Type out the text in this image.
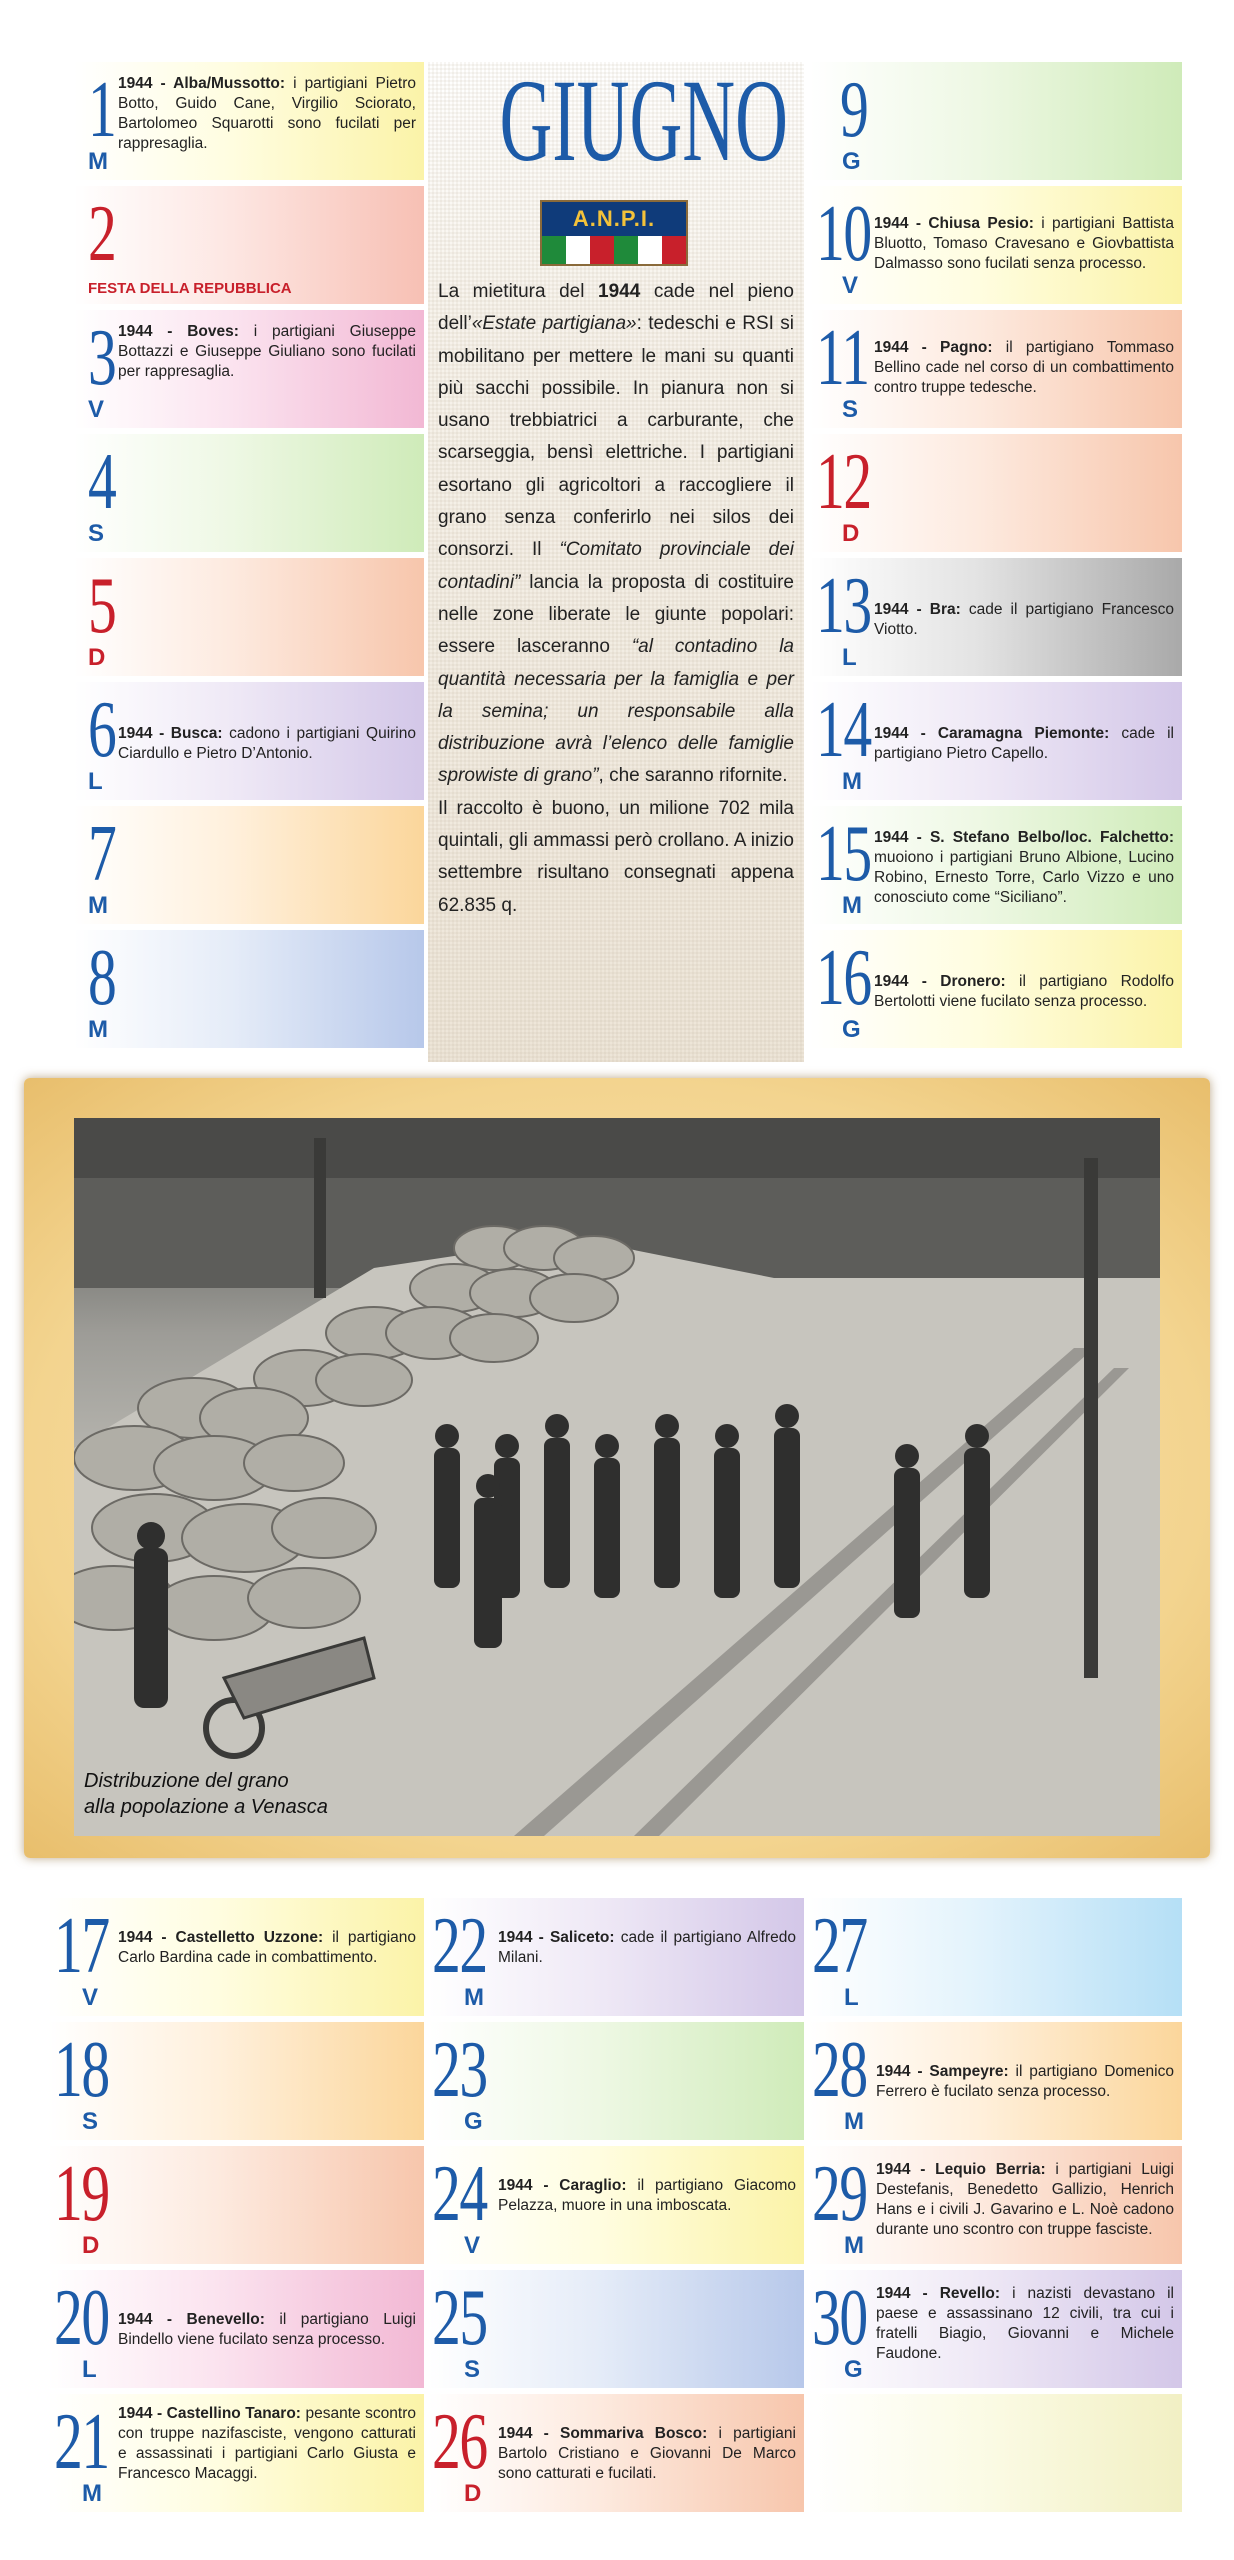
1
M
1944 - Alba/Mussotto: i partigiani Pietro Botto, Guido Cane, Virgilio Sciorato, Bartolomeo Squarotti sono fucilati per rappresaglia.
2
FESTA DELLA REPUBBLICA
3
V
1944 - Boves: i partigiani Giuseppe Bottazzi e Giuseppe Giuliano sono fucilati per rappresaglia.
4
S
5
D
6
L
1944 - Busca: cadono i partigiani Quirino Ciardullo e Pietro D’Antonio.
7
M
8
M
GIUGNO
A.N.P.I.

La mietitura del 1944 cade nel pieno dell’«Estate partigiana»: tedeschi e RSI si mobilitano per mettere le mani su quanti più sacchi possibile. In pianura non si usano trebbiatrici a carburante, che scarseggia, bensì elettriche. I partigiani esortano gli agricoltori a raccogliere il grano senza conferirlo nei silos dei consorzi. Il “Comitato provinciale dei contadini” lancia la proposta di costituire nelle zone liberate le giunte popolari: essere lasceranno “al contadino la quantità necessaria per la famiglia e per la semina; un responsabile alla distribuzione avrà l’elenco delle famiglie sprowiste di grano”, che saranno rifornite.

Il raccolto è buono, un milione 702 mila quintali, gli ammassi però crollano. A inizio settembre risultano consegnati appena 62.835 q.

9
G
10
V
1944 - Chiusa Pesio: i partigiani Battista Bluotto, Tomaso Cravesano e Giovbattista Dalmasso sono fucilati senza processo.
11
S
1944 - Pagno: il partigiano Tommaso Bellino cade nel corso di un combattimento contro truppe tedesche.
12
D
13
L
1944 - Bra: cade il partigiano Francesco Viotto.
14
M
1944 - Caramagna Piemonte: cade il partigiano Pietro Capello.
15
M
1944 - S. Stefano Belbo/loc. Falchetto: muoiono i partigiani Bruno Albione, Lucino Robino, Ernesto Torre, Carlo Vizzo e uno conosciuto come “Siciliano”.
16
G
1944 - Dronero: il partigiano Rodolfo Bertolotti viene fucilato senza processo.
Distribuzione del grano
alla popolazione a Venasca
17
V
1944 - Castelletto Uzzone: il partigiano Carlo Bardina cade in combattimento.
18
S
19
D
20
L
1944 - Benevello: il partigiano Luigi Bindello viene fucilato senza processo.
21
M
1944 - Castellino Tanaro: pesante scontro con truppe nazifasciste, vengono catturati e assassinati i partigiani Carlo Giusta e Francesco Macaggi.
22
M
1944 - Saliceto: cade il partigiano Alfredo Milani.
23
G
24
V
1944 - Caraglio: il partigiano Giacomo Pelazza, muore in una imboscata.
25
S
26
D
1944 - Sommariva Bosco: i partigiani Bartolo Cristiano e Giovanni De Marco sono catturati e fucilati.
27
L
28
M
1944 - Sampeyre: il partigiano Domenico Ferrero è fucilato senza processo.
29
M
1944 - Lequio Berria: i partigiani Luigi Destefanis, Benedetto Gallizio, Henrich Hans e i civili J. Gavarino e L. Noè cadono durante uno scontro con truppe fasciste.
30
G
1944 - Revello: i nazisti devastano il paese e assassinano 12 civili, tra cui i fratelli Biagio, Giovanni e Michele Faudone.
